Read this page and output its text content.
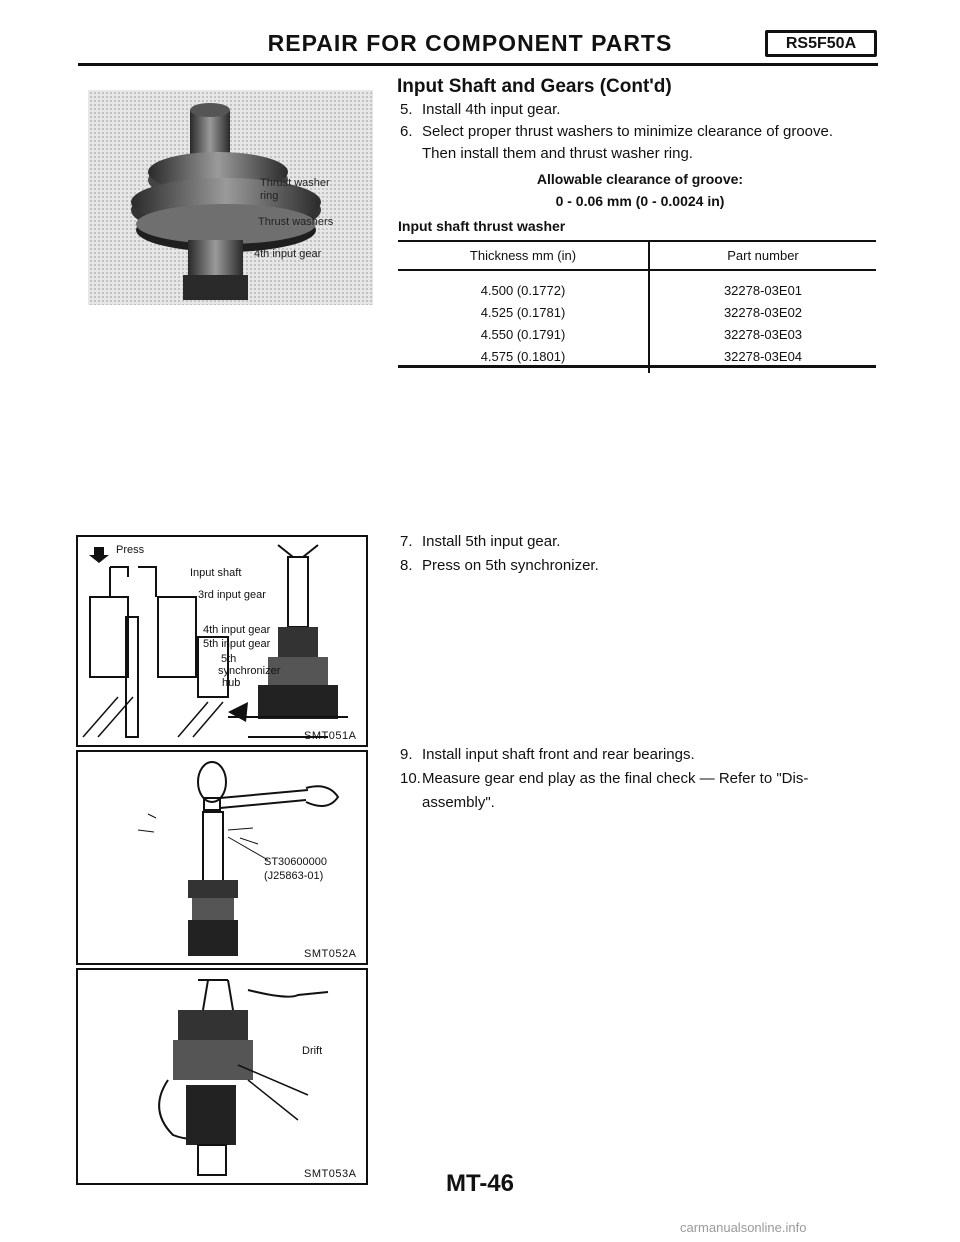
REPAIR FOR COMPONENT PARTS	RS5F50A
Input Shaft and Gears (Cont'd)
5. Install 4th input gear.
6. Select proper thrust washers to minimize clearance of groove.
Then install them and thrust washer ring.
Allowable clearance of groove:
0 - 0.06 mm (0 - 0.0024 in)
Input shaft thrust washer
Thickness mm (in)	Part number
4.500 (0.1772)	32278-03E01
4.525 (0.1781)	32278-03E02
4.550 (0.1791)	32278-03E03
4.575 (0.1801)	32278-03E04
7. Install 5th input gear.
8. Press on 5th synchronizer.
9. Install input shaft front and rear bearings.
10.Measure gear end play as the final check — Refer to "Dis-
assembly".
Thrust washer
ring
Thrust washers
4th input gear
Press
Input shaft
3rd input gear
4th input gear
5th input gear
5th
synchronizer
hub
SMT051A
ST30600000
(J25863-01)
SMT052A
Drift
SMT053A	MT-46
carmanualsonline.info
